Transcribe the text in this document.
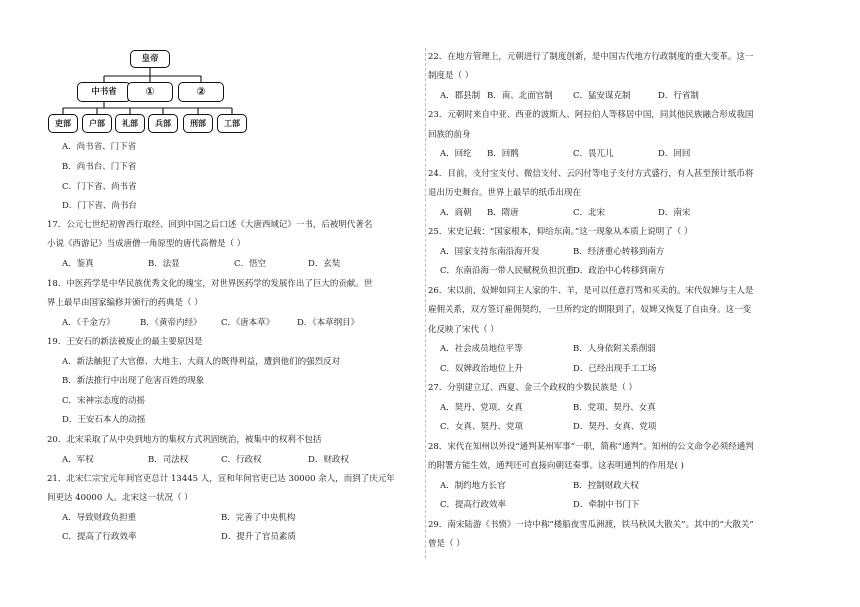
皇帝
中书省	①	②
吏部	户部	礼部	兵部	刑部	工部
A．尚书省、门下省
B．尚书台、门下省
C．门下省、尚书省
D．门下省、尚书台
17．公元七世纪初曾西行取经、回到中国之后口述《大唐西域记》一书，后被明代著名
小说《西游记》当成唐僧一角原型的唐代高僧是（ ）
A．鉴真	B．法显	C．悟空	D．玄奘
18．中医药学是中华民族优秀文化的瑰宝，对世界医药学的发展作出了巨大的贡献。世
界上最早由国家编修并颁行的药典是（ ）
A．《千金方》	B．《黄帝内经》 C．《唐本草》	D．《本草纲目》
19．王安石的新法被废止的最主要原因是
A．新法触犯了大官僚、大地主、大商人的既得利益，遭到他们的强烈反对
B．新法推行中出现了危害百姓的现象
C．宋神宗态度的动摇
D．王安石本人的动摇
20．北宋采取了从中央到地方的集权方式巩固统治，被集中的权利不包括
A．军权	B．司法权	C．行政权	D．财政权
21．北宋仁宗宝元年间官吏总计 13445 人，宣和年间官吏已达 30000 余人，而到了庆元年
间更达 40000 人。北宋这一状况（ ）
A．导致财政负担重	B．完善了中央机构
C．提高了行政效率	D．提升了官员素质
22．在地方管理上，元朝进行了制度创新，是中国古代地方行政制度的重大变革。这一
制度是（ ）
A．郡县制 B．南、北面官制 C．猛安谋克制	D．行省制
23．元朝时来自中亚、西亚的波斯人、阿拉伯人等移居中国，同其他民族融合形成我国
回族的前身
A．回纥 B．回鹘	C．畏兀儿	D．回回
24．目前，支付宝支付、微信支付、云闪付等电子支付方式盛行，有人甚至预计纸币将
退出历史舞台。世界上最早的纸币出现在
A．商朝 B．隋唐	C．北宋	D．南宋
25．宋史记载：“国家根本，仰给东南。”这一现象从本质上说明了（ ）
A．国家支持东南沿海开发	B．经济重心转移到南方
C．东南沿海一带人民赋税负担沉重
D．政治中心转移到南方
26．宋以前，奴婢如同主人家的牛、羊，是可以任意打骂和买卖的。宋代奴婢与主人是
雇佣关系，双方签订雇佣契约，一旦所约定的期限到了，奴婢又恢复了自由身。这一变
化反映了宋代（ ）
A．社会成员地位平等	B．人身依附关系削弱
C．奴婢政治地位上升	D．已经出现手工工场
27．分别建立辽、西夏、金三个政权的少数民族是（ ）
A．契丹、党项、女真	B．党项、契丹、女真
C．女真、契丹、党项	D．契丹、女真、党项
28．宋代在知州以外设“通判某州军事”一职，简称“通判”。知州的公文命令必须经通判
的附署方能生效，通判还可直接向朝廷奏事。这表明通判的作用是( )
A．制约地方长官	B．控制财政大权
C．提高行政效率	D．牵制中书门下
29．南宋陆游《书愤》一诗中称“楼船夜雪瓜洲渡，铁马秋风大散关”。其中的“大散关”
曾是（ ）
